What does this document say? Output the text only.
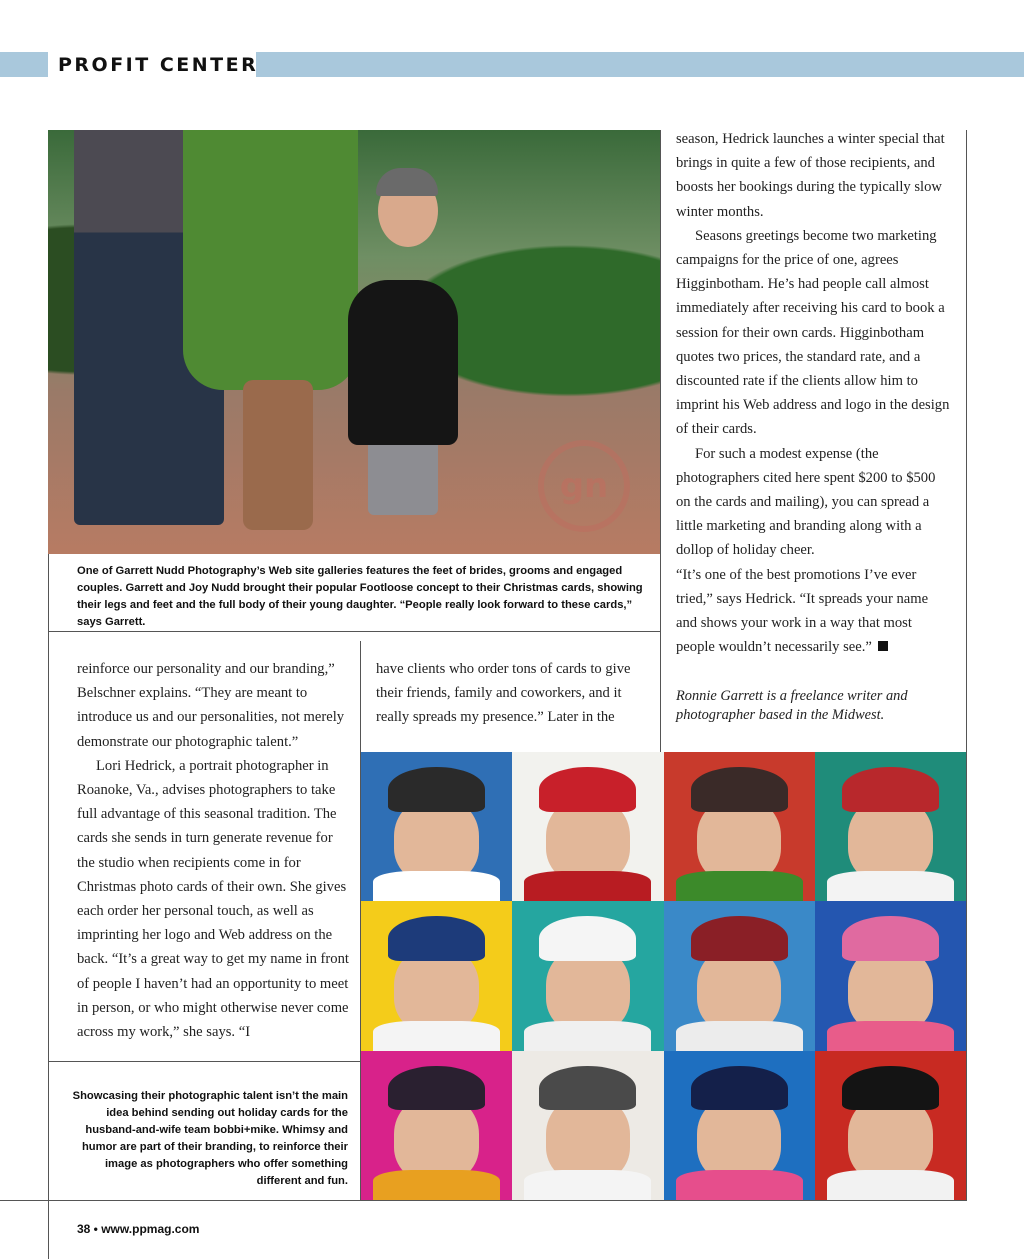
PROFIT CENTER
gn

One of Garrett Nudd Photography’s Web site galleries features the feet of brides, grooms and engaged couples. Garrett and Joy Nudd brought their popular Footloose concept to their Christmas cards, showing their legs and feet and the full body of their young daughter. “People really look forward to these cards,” says Garrett.

reinforce our personality and our branding,” Belschner explains. “They are meant to introduce us and our personalities, not merely demonstrate our photographic talent.”

Lori Hedrick, a portrait photographer in Roanoke, Va., advises photographers to take full advantage of this seasonal tradition. The cards she sends in turn generate revenue for the studio when recipients come in for Christmas photo cards of their own. She gives each order her personal touch, as well as imprinting her logo and Web address on the back. “It’s a great way to get my name in front of people I haven’t had an opportunity to meet in person, or who might otherwise never come across my work,” she says. “I

have clients who order tons of cards to give their friends, family and coworkers, and it really spreads my presence.” Later in the

season, Hedrick launches a winter special that brings in quite a few of those recipients, and boosts her bookings during the typically slow winter months.

Seasons greetings become two marketing campaigns for the price of one, agrees Higginbotham. He’s had people call almost immediately after receiving his card to book a session for their own cards. Higginbotham quotes two prices, the standard rate, and a discounted rate if the clients allow him to imprint his Web address and logo in the design of their cards.

For such a modest expense (the photographers cited here spent $200 to $500 on the cards and mailing), you can spread a little marketing and branding along with a dollop of holiday cheer.

“It’s one of the best promotions I’ve ever tried,” says Hedrick. “It spreads your name and shows your work in a way that most people wouldn’t necessarily see.”

Ronnie Garrett is a freelance writer and photographer based in the Midwest.

Showcasing their photographic talent isn’t the main idea behind sending out holiday cards for the husband-and-wife team bobbi+mike. Whimsy and humor are part of their branding, to reinforce their image as photographers who offer something different and fun.

38 • www.ppmag.com
